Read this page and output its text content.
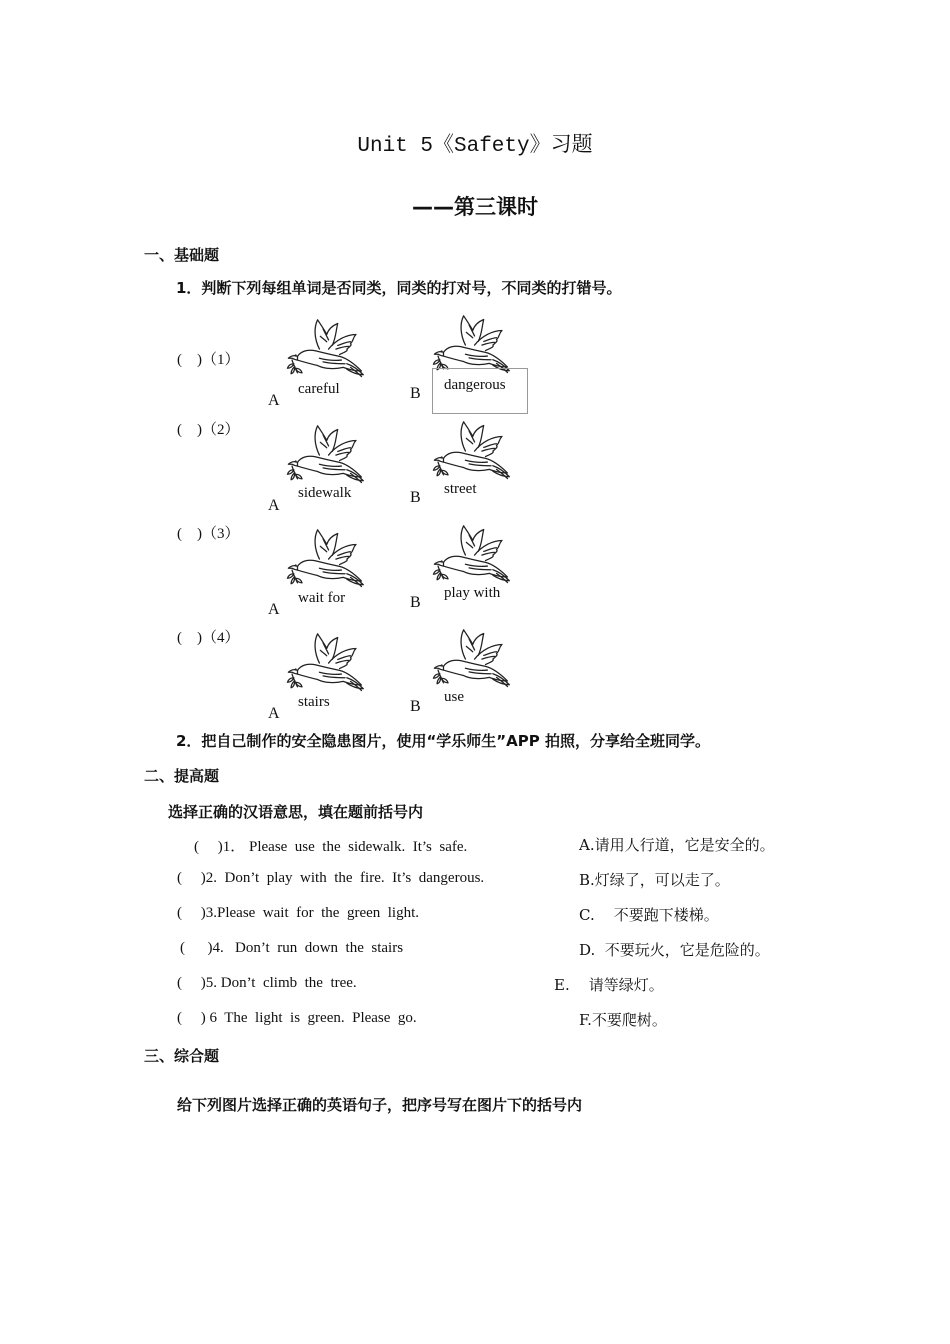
Unit 5《Safety》习题
——第三课时
一、基础题
1．判断下列每组单词是否同类，同类的打对号，不同类的打错号。
(    )（1）
careful
A
dangerous
B
(    )（2）
sidewalk
A
street
B
(    )（3）
wait for
A
play with
B
(    )（4）
stairs
A
use
B
2．把自己制作的安全隐患图片，使用“学乐师生”APP 拍照，分享给全班同学。
二、提高题
选择正确的汉语意思，填在题前括号内
(     )1． Please  use  the  sidewalk.  It’s  safe.
(     )2.  Don’t  play  with  the  fire.  It’s  dangerous.
(     )3.Please  wait  for  the  green  light.
(      )4.   Don’t  run  down  the  stairs
(     )5. Don’t  climb  the  tree.
(     ) 6  The  light  is  green.  Please  go.
A.请用人行道，它是安全的。
B.灯绿了，可以走了。
C.    不要跑下楼梯。
D.  不要玩火，它是危险的。
E.    请等绿灯。
F.不要爬树。
三、综合题
给下列图片选择正确的英语句子，把序号写在图片下的括号内
